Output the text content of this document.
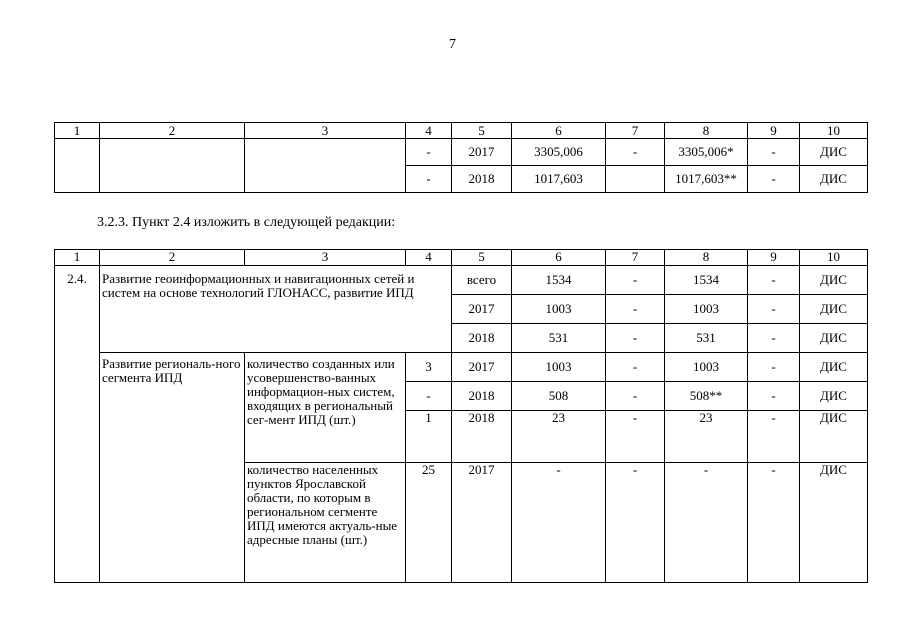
7
1	2	3	4	5	6	7	8	9	10
			-	2017	3305,006	-	3305,006*	-	ДИС
			-	2018	1017,603		1017,603**	-	ДИС
3.2.3. Пункт 2.4 изложить в следующей редакции:
1	2	3	4	5	6	7	8	9	10
2.4.	Развитие геоинформационных и навигационных сетей и систем на основе технологий ГЛОНАСС, развитие ИПД			всего	1534	-	1534	-	ДИС
				2017	1003	-	1003	-	ДИС
				2018	531	-	531	-	ДИС
	Развитие региональ-ного сегмента ИПД	количество созданных или усовершенство-ванных информацион-ных систем, входящих в региональный сег-мент ИПД (шт.)	3	2017	1003	-	1003	-	ДИС
			-	2018	508	-	508**	-	ДИС
			1	2018	23	-	23	-	ДИС
		количество населенных пунктов Ярославской области, по которым в региональном сегменте ИПД имеются актуаль-ные адресные планы (шт.)	25	2017	-	-	-	-	ДИС
